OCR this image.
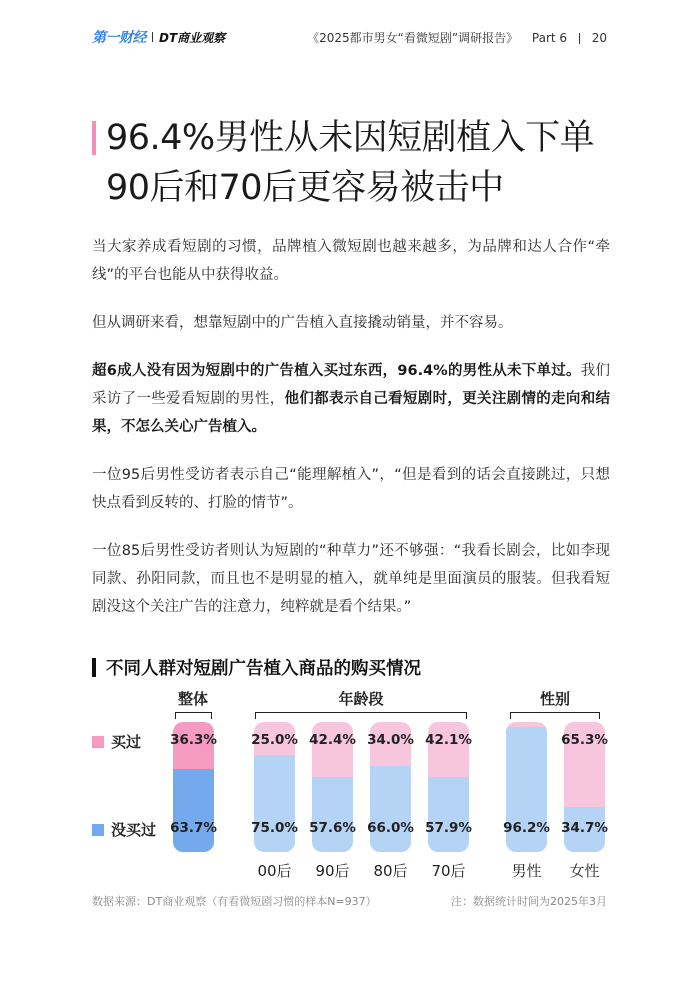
第一财经 DT商业观察	《2025都市男女“看微短剧”调研报告》 Part 6 20
96.4%男性从未因短剧植入下单
90后和70后更容易被击中

当大家养成看短剧的习惯，品牌植入微短剧也越来越多，为品牌和达人合作“牵线”的平台也能从中获得收益。

但从调研来看，想靠短剧中的广告植入直接撬动销量，并不容易。

超6成人没有因为短剧中的广告植入买过东西，96.4%的男性从未下单过。我们采访了一些爱看短剧的男性，他们都表示自己看短剧时，更关注剧情的走向和结果，不怎么关心广告植入。

一位95后男性受访者表示自己“能理解植入”，“但是看到的话会直接跳过，只想快点看到反转的、打脸的情节”。

一位85后男性受访者则认为短剧的“种草力”还不够强：“我看长剧会，比如李现同款、孙阳同款，而且也不是明显的植入，就单纯是里面演员的服装。但我看短剧没这个关注广告的注意力，纯粹就是看个结果。”

不同人群对短剧广告植入商品的购买情况
整体	年龄段	性别
买过
没买过
36.3%
63.7%
25.0%
75.0%
00后
42.4%
57.6%
90后
34.0%
66.0%
80后
42.1%
57.9%
70后
96.2%
男性
65.3%
34.7%
女性
数据来源：DT商业观察（有看微短剧习惯的样本N=937）	注：数据统计时间为2025年3月
